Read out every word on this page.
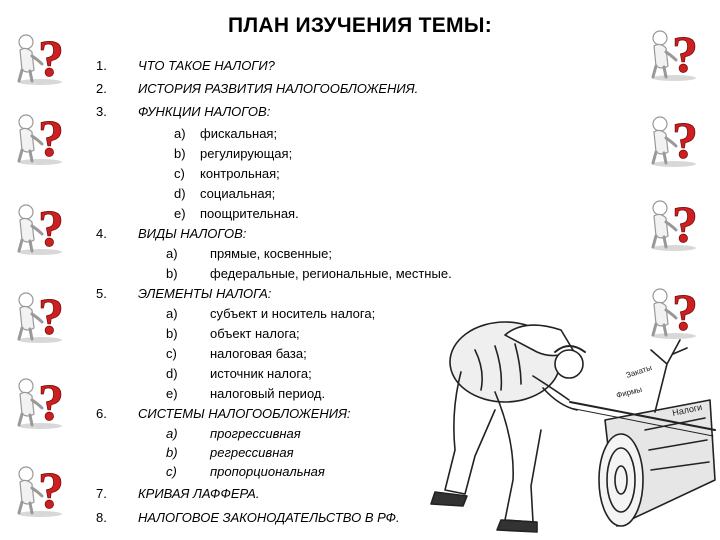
ПЛАН ИЗУЧЕНИЯ ТЕМЫ:
1. ЧТО ТАКОЕ НАЛОГИ?
2. ИСТОРИЯ РАЗВИТИЯ НАЛОГООБЛОЖЕНИЯ.
3. ФУНКЦИИ НАЛОГОВ:
a) фискальная;
b) регулирующая;
c) контрольная;
d) социальная;
e) поощрительная.
4. ВИДЫ НАЛОГОВ:
a) прямые, косвенные;
b) федеральные, региональные, местные.
5. ЭЛЕМЕНТЫ НАЛОГА:
a) субъект и носитель налога;
b) объект налога;
c)	налоговая база;
d) источник налога;
e) налоговый период.
6. СИСТЕМЫ НАЛОГООБЛОЖЕНИЯ:
a) прогрессивная
b) регрессивная
c)	пропорциональная
7. КРИВАЯ ЛАФФЕРА.
8. НАЛОГОВОЕ ЗАКОНОДАТЕЛЬСТВО В РФ.
Налоги
Закаты
Фирмы
